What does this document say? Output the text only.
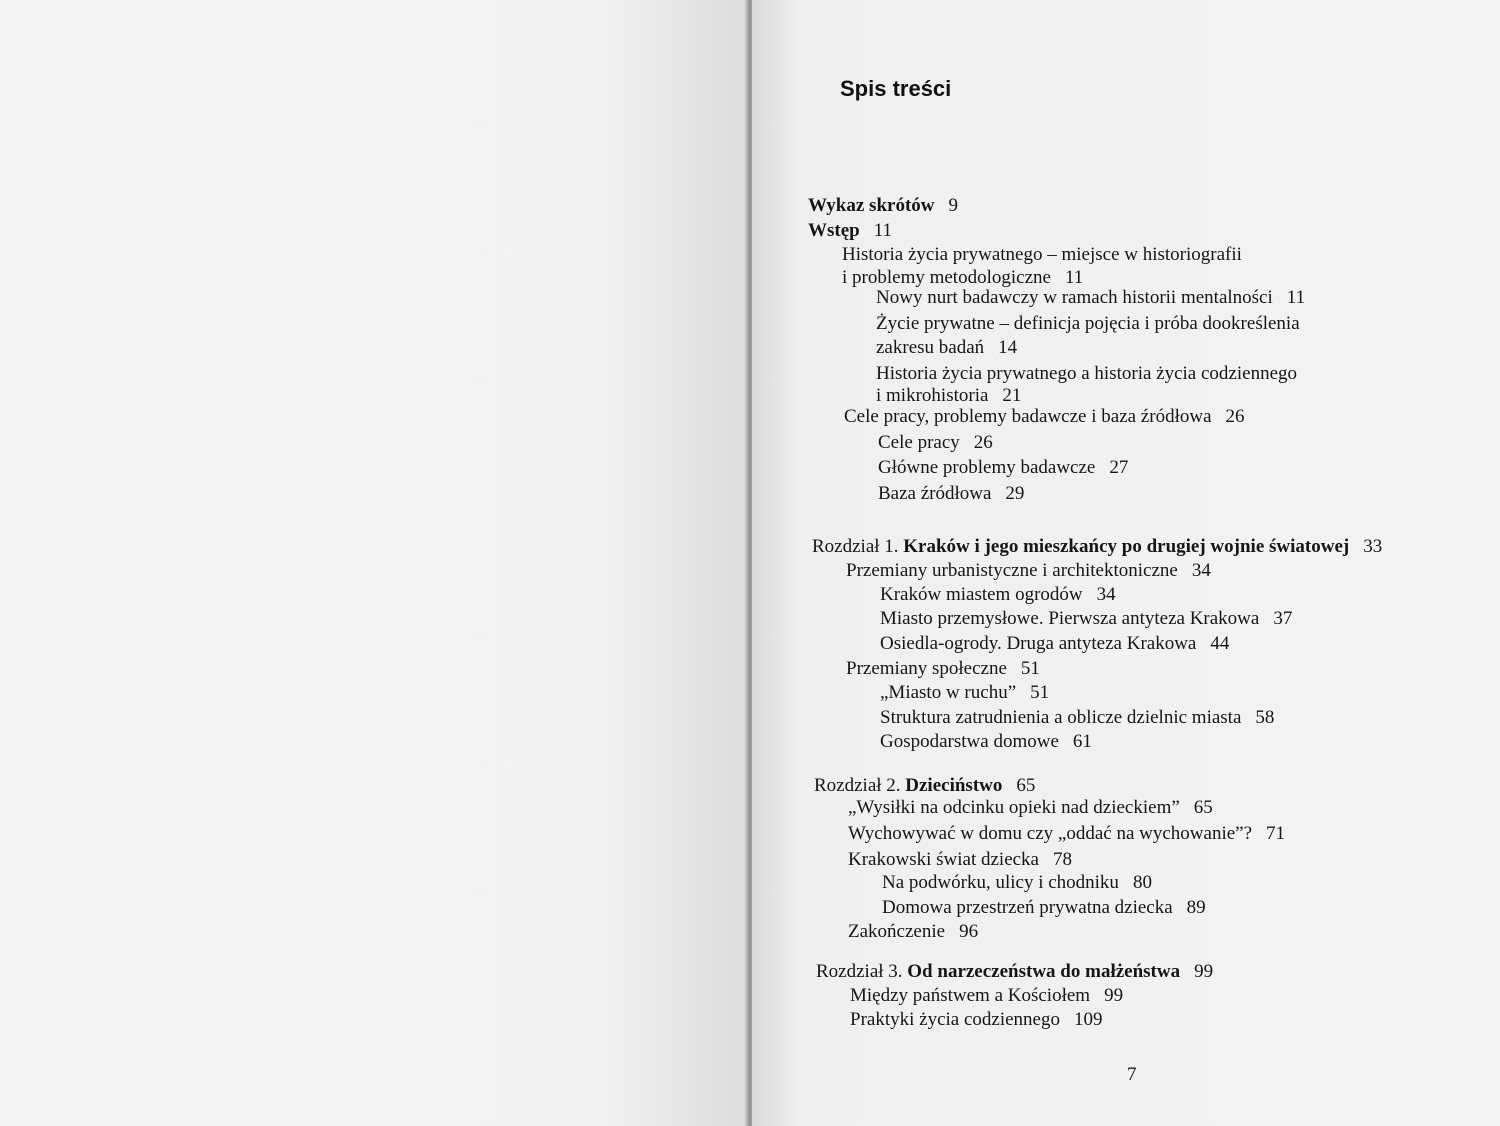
Spis treści
Wykaz skrótów 9
Wstęp 11
Historia życia prywatnego – miejsce w historiografii
i problemy metodologiczne 11
Nowy nurt badawczy w ramach historii mentalności 11
Życie prywatne – definicja pojęcia i próba dookreślenia
zakresu badań 14
Historia życia prywatnego a historia życia codziennego
i mikrohistoria 21
Cele pracy, problemy badawcze i baza źródłowa 26
Cele pracy 26
Główne problemy badawcze 27
Baza źródłowa 29
Rozdział 1. Kraków i jego mieszkańcy po drugiej wojnie światowej 33
Przemiany urbanistyczne i architektoniczne 34
Kraków miastem ogrodów 34
Miasto przemysłowe. Pierwsza antyteza Krakowa 37
Osiedla-ogrody. Druga antyteza Krakowa 44
Przemiany społeczne 51
„Miasto w ruchu” 51
Struktura zatrudnienia a oblicze dzielnic miasta 58
Gospodarstwa domowe 61
Rozdział 2. Dzieciństwo 65
„Wysiłki na odcinku opieki nad dzieckiem” 65
Wychowywać w domu czy „oddać na wychowanie”? 71
Krakowski świat dziecka 78
Na podwórku, ulicy i chodniku 80
Domowa przestrzeń prywatna dziecka 89
Zakończenie 96
Rozdział 3. Od narzeczeństwa do małżeństwa 99
Między państwem a Kościołem 99
Praktyki życia codziennego 109
7
